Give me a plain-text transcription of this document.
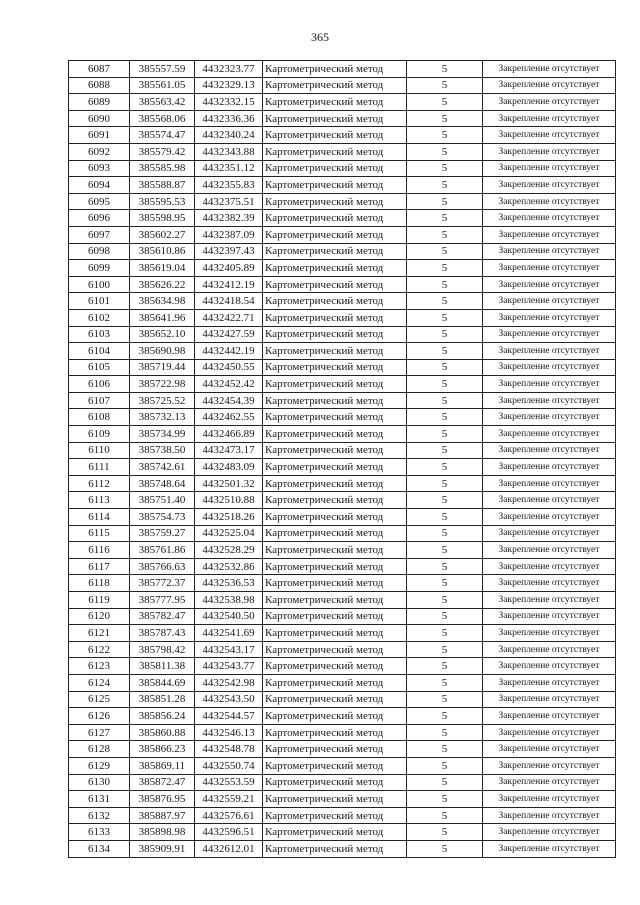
365
6087	385557.59	4432323.77	Картометрический метод	5	Закрепление отсутствует
6088	385561.05	4432329.13	Картометрический метод	5	Закрепление отсутствует
6089	385563.42	4432332.15	Картометрический метод	5	Закрепление отсутствует
6090	385568.06	4432336.36	Картометрический метод	5	Закрепление отсутствует
6091	385574.47	4432340.24	Картометрический метод	5	Закрепление отсутствует
6092	385579.42	4432343.88	Картометрический метод	5	Закрепление отсутствует
6093	385585.98	4432351.12	Картометрический метод	5	Закрепление отсутствует
6094	385588.87	4432355.83	Картометрический метод	5	Закрепление отсутствует
6095	385595.53	4432375.51	Картометрический метод	5	Закрепление отсутствует
6096	385598.95	4432382.39	Картометрический метод	5	Закрепление отсутствует
6097	385602.27	4432387.09	Картометрический метод	5	Закрепление отсутствует
6098	385610.86	4432397.43	Картометрический метод	5	Закрепление отсутствует
6099	385619.04	4432405.89	Картометрический метод	5	Закрепление отсутствует
6100	385626.22	4432412.19	Картометрический метод	5	Закрепление отсутствует
6101	385634.98	4432418.54	Картометрический метод	5	Закрепление отсутствует
6102	385641.96	4432422.71	Картометрический метод	5	Закрепление отсутствует
6103	385652.10	4432427.59	Картометрический метод	5	Закрепление отсутствует
6104	385690.98	4432442.19	Картометрический метод	5	Закрепление отсутствует
6105	385719.44	4432450.55	Картометрический метод	5	Закрепление отсутствует
6106	385722.98	4432452.42	Картометрический метод	5	Закрепление отсутствует
6107	385725.52	4432454.39	Картометрический метод	5	Закрепление отсутствует
6108	385732.13	4432462.55	Картометрический метод	5	Закрепление отсутствует
6109	385734.99	4432466.89	Картометрический метод	5	Закрепление отсутствует
6110	385738.50	4432473.17	Картометрический метод	5	Закрепление отсутствует
6111	385742.61	4432483.09	Картометрический метод	5	Закрепление отсутствует
6112	385748.64	4432501.32	Картометрический метод	5	Закрепление отсутствует
6113	385751.40	4432510.88	Картометрический метод	5	Закрепление отсутствует
6114	385754.73	4432518.26	Картометрический метод	5	Закрепление отсутствует
6115	385759.27	4432525.04	Картометрический метод	5	Закрепление отсутствует
6116	385761.86	4432528.29	Картометрический метод	5	Закрепление отсутствует
6117	385766.63	4432532.86	Картометрический метод	5	Закрепление отсутствует
6118	385772.37	4432536.53	Картометрический метод	5	Закрепление отсутствует
6119	385777.95	4432538.98	Картометрический метод	5	Закрепление отсутствует
6120	385782.47	4432540.50	Картометрический метод	5	Закрепление отсутствует
6121	385787.43	4432541.69	Картометрический метод	5	Закрепление отсутствует
6122	385798.42	4432543.17	Картометрический метод	5	Закрепление отсутствует
6123	385811.38	4432543.77	Картометрический метод	5	Закрепление отсутствует
6124	385844.69	4432542.98	Картометрический метод	5	Закрепление отсутствует
6125	385851.28	4432543.50	Картометрический метод	5	Закрепление отсутствует
6126	385856.24	4432544.57	Картометрический метод	5	Закрепление отсутствует
6127	385860.88	4432546.13	Картометрический метод	5	Закрепление отсутствует
6128	385866.23	4432548.78	Картометрический метод	5	Закрепление отсутствует
6129	385869.11	4432550.74	Картометрический метод	5	Закрепление отсутствует
6130	385872.47	4432553.59	Картометрический метод	5	Закрепление отсутствует
6131	385876.95	4432559.21	Картометрический метод	5	Закрепление отсутствует
6132	385887.97	4432576.61	Картометрический метод	5	Закрепление отсутствует
6133	385898.98	4432596.51	Картометрический метод	5	Закрепление отсутствует
6134	385909.91	4432612.01	Картометрический метод	5	Закрепление отсутствует
